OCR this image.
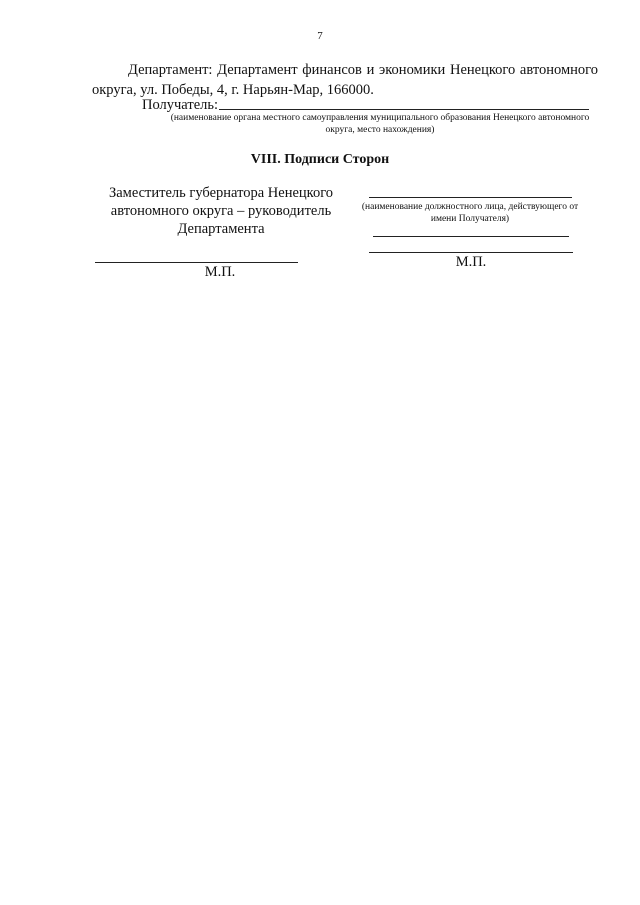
7
Департамент: Департамент финансов и экономики Ненецкого автономного округа, ул. Победы, 4, г. Нарьян-Мар, 166000.
Получатель:
(наименование органа местного самоуправления муниципального образования Ненецкого автономного округа, место нахождения)
VIII. Подписи Сторон
Заместитель губернатора Ненецкого автономного округа – руководитель Департамента
М.П.
(наименование должностного лица, действующего от имени Получателя)
М.П.
